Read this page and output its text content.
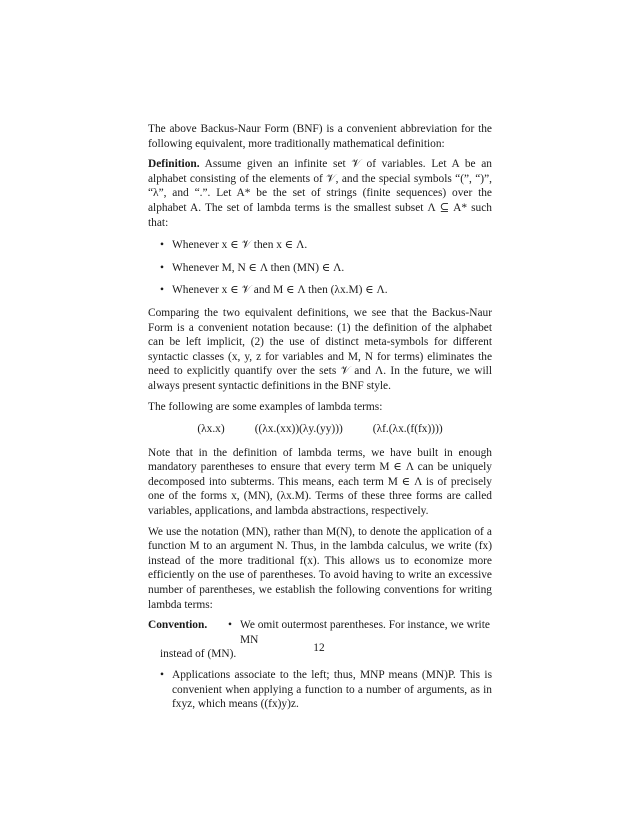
The above Backus-Naur Form (BNF) is a convenient abbreviation for the following equivalent, more traditionally mathematical definition:

Definition. Assume given an infinite set 𝒱 of variables. Let A be an alphabet consisting of the elements of 𝒱, and the special symbols “(”, “)”, “λ”, and “.”. Let A* be the set of strings (finite sequences) over the alphabet A. The set of lambda terms is the smallest subset Λ ⊆ A* such that:

• Whenever x ∈ 𝒱 then x ∈ Λ.
• Whenever M, N ∈ Λ then (MN) ∈ Λ.
• Whenever x ∈ 𝒱 and M ∈ Λ then (λx.M) ∈ Λ.

Comparing the two equivalent definitions, we see that the Backus-Naur Form is a convenient notation because: (1) the definition of the alphabet can be left implicit, (2) the use of distinct meta-symbols for different syntactic classes (x, y, z for variables and M, N for terms) eliminates the need to explicitly quantify over the sets 𝒱 and Λ. In the future, we will always present syntactic definitions in the BNF style.

The following are some examples of lambda terms:

(λx.x)	((λx.(xx))(λy.(yy)))	(λf.(λx.(f(fx))))

Note that in the definition of lambda terms, we have built in enough mandatory parentheses to ensure that every term M ∈ Λ can be uniquely decomposed into subterms. This means, each term M ∈ Λ is of precisely one of the forms x, (MN), (λx.M). Terms of these three forms are called variables, applications, and lambda abstractions, respectively.

We use the notation (MN), rather than M(N), to denote the application of a function M to an argument N. Thus, in the lambda calculus, we write (fx) instead of the more traditional f(x). This allows us to economize more efficiently on the use of parentheses. To avoid having to write an excessive number of parentheses, we establish the following conventions for writing lambda terms:

Convention.
•	We omit outermost parentheses. For instance, we write MN
instead of (MN).
• Applications associate to the left; thus, MNP means (MN)P. This is convenient when applying a function to a number of arguments, as in fxyz, which means ((fx)y)z.
12
